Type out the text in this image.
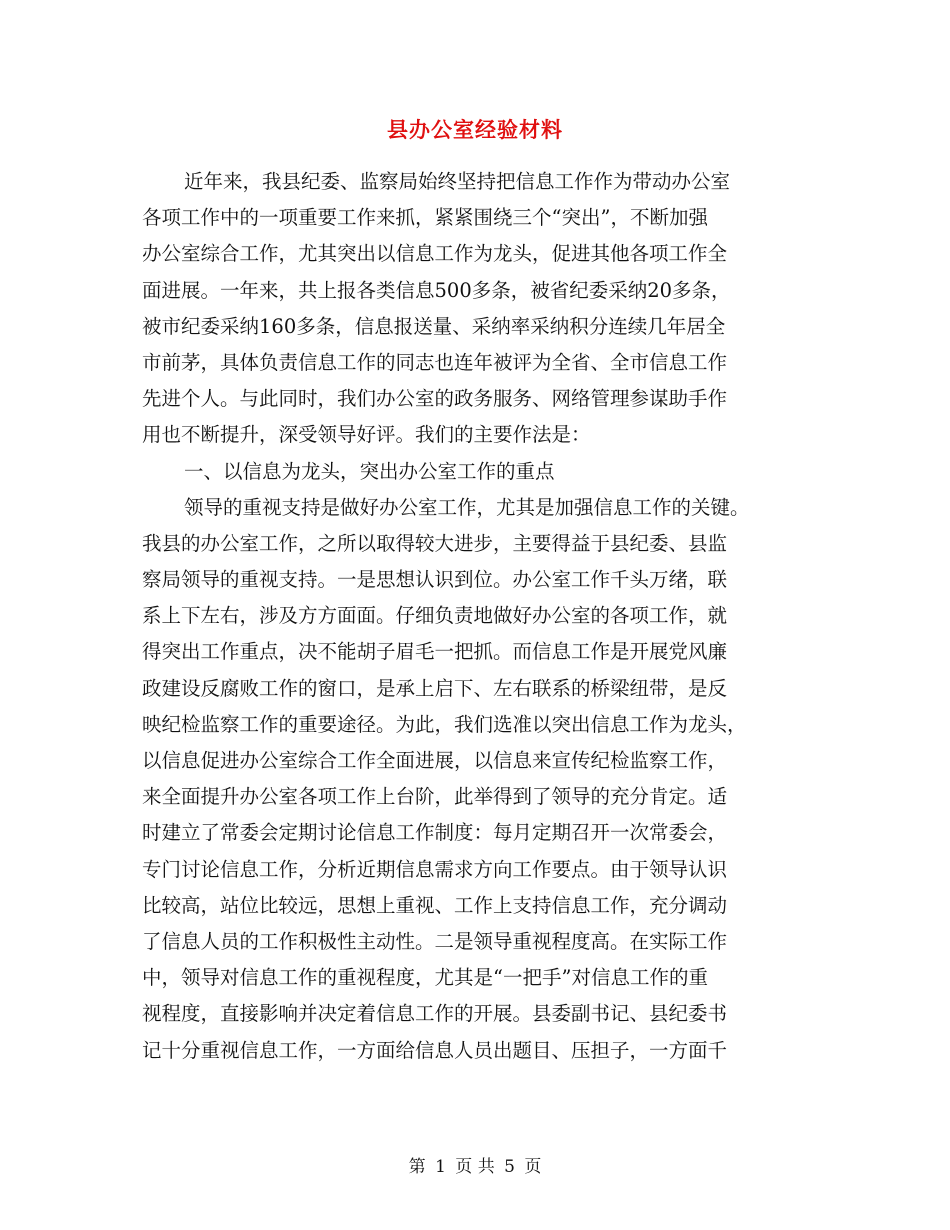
县办公室经验材料
近年来，我县纪委、监察局始终坚持把信息工作作为带动办公室
各项工作中的一项重要工作来抓，紧紧围绕三个“突出”，不断加强
办公室综合工作，尤其突出以信息工作为龙头，促进其他各项工作全
面进展。一年来，共上报各类信息500多条，被省纪委采纳20多条，
被市纪委采纳160多条，信息报送量、采纳率采纳积分连续几年居全
市前茅，具体负责信息工作的同志也连年被评为全省、全市信息工作
先进个人。与此同时，我们办公室的政务服务、网络管理参谋助手作
用也不断提升，深受领导好评。我们的主要作法是：
一、以信息为龙头，突出办公室工作的重点
领导的重视支持是做好办公室工作，尤其是加强信息工作的关键。
我县的办公室工作，之所以取得较大进步，主要得益于县纪委、县监
察局领导的重视支持。一是思想认识到位。办公室工作千头万绪，联
系上下左右，涉及方方面面。仔细负责地做好办公室的各项工作，就
得突出工作重点，决不能胡子眉毛一把抓。而信息工作是开展党风廉
政建设反腐败工作的窗口，是承上启下、左右联系的桥梁纽带，是反
映纪检监察工作的重要途径。为此，我们选准以突出信息工作为龙头，
以信息促进办公室综合工作全面进展，以信息来宣传纪检监察工作，
来全面提升办公室各项工作上台阶，此举得到了领导的充分肯定。适
时建立了常委会定期讨论信息工作制度：每月定期召开一次常委会，
专门讨论信息工作，分析近期信息需求方向工作要点。由于领导认识
比较高，站位比较远，思想上重视、工作上支持信息工作，充分调动
了信息人员的工作积极性主动性。二是领导重视程度高。在实际工作
中，领导对信息工作的重视程度，尤其是“一把手”对信息工作的重
视程度，直接影响并决定着信息工作的开展。县委副书记、县纪委书
记十分重视信息工作，一方面给信息人员出题目、压担子，一方面千
第 1 页 共 5 页
